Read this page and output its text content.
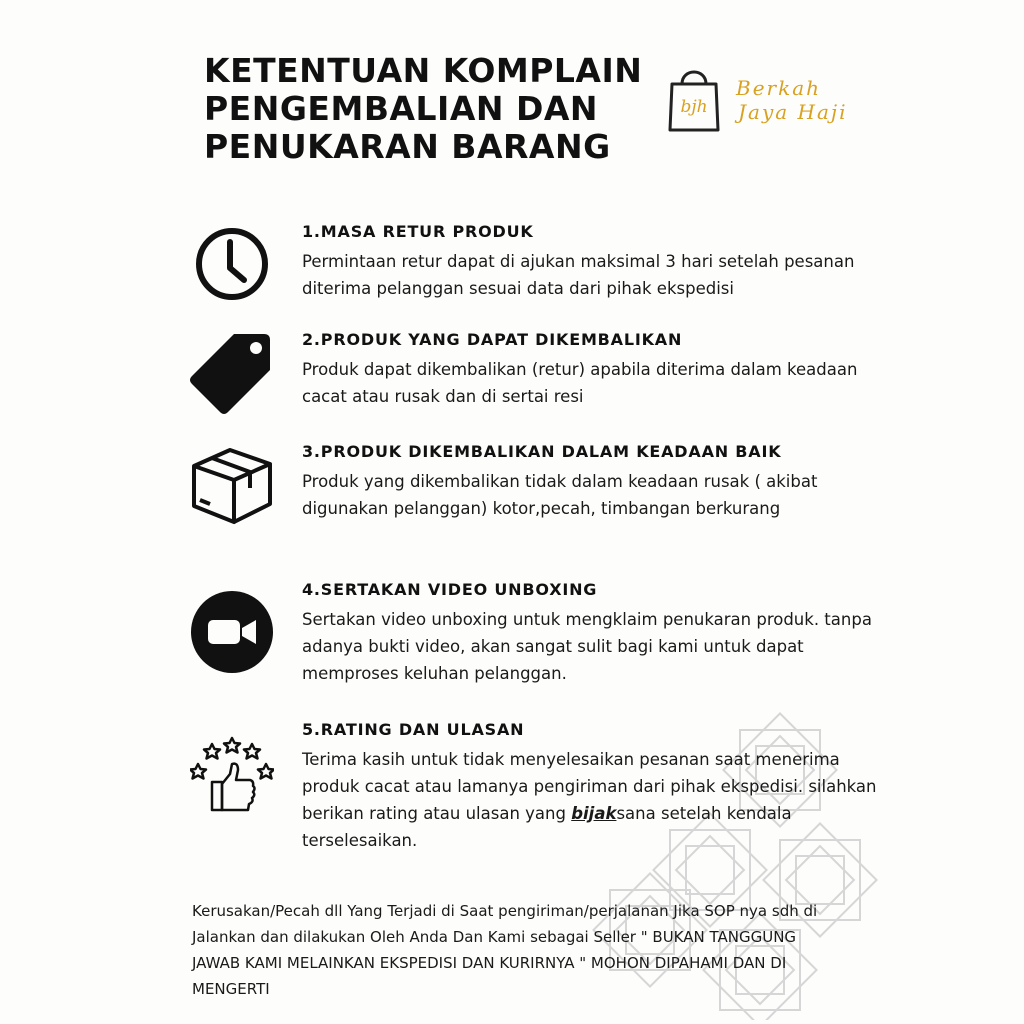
KETENTUAN KOMPLAIN
PENGEMBALIAN DAN
PENUKARAN BARANG
bjh
Berkah
Jaya Haji
1.MASA RETUR PRODUK

Permintaan retur dapat di ajukan maksimal 3 hari setelah pesanan diterima pelanggan sesuai data dari pihak ekspedisi

2.PRODUK YANG DAPAT DIKEMBALIKAN

Produk dapat dikembalikan (retur) apabila diterima dalam keadaan cacat atau rusak dan di sertai resi

3.PRODUK DIKEMBALIKAN DALAM KEADAAN BAIK

Produk yang dikembalikan tidak dalam keadaan rusak ( akibat digunakan pelanggan) kotor,pecah, timbangan berkurang

4.SERTAKAN VIDEO UNBOXING

Sertakan video unboxing untuk mengklaim penukaran produk. tanpa adanya bukti video, akan sangat sulit bagi kami untuk dapat memproses keluhan pelanggan.

5.RATING DAN ULASAN

Terima kasih untuk tidak menyelesaikan pesanan saat menerima produk cacat atau lamanya pengiriman dari pihak ekspedisi. silahkan berikan rating atau ulasan yang bijaksana setelah kendala terselesaikan.

Kerusakan/Pecah dll Yang Terjadi di Saat pengiriman/perjalanan Jika SOP nya sdh di Jalankan dan dilakukan Oleh Anda Dan Kami sebagai Seller " BUKAN TANGGUNG JAWAB KAMI MELAINKAN EKSPEDISI DAN KURIRNYA " MOHON DIPAHAMI DAN DI MENGERTI
